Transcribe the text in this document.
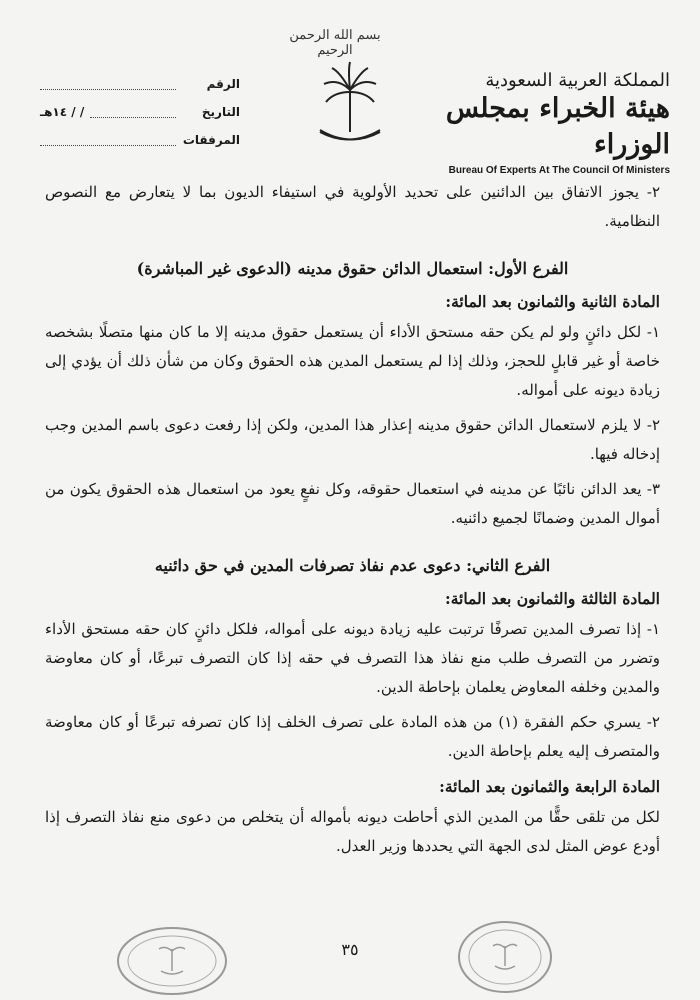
بسم الله الرحمن الرحيم
الرقم
التاريخ
/ / ١٤هـ
المرفقات
المملكة العربية السعودية
هيئة الخبراء بمجلس الوزراء
Bureau Of Experts At The Council Of Ministers
٢- يجوز الاتفاق بين الدائنين على تحديد الأولوية في استيفاء الديون بما لا يتعارض مع النصوص النظامية.
الفرع الأول: استعمال الدائن حقوق مدينه (الدعوى غير المباشرة)
المادة الثانية والثمانون بعد المائة:
١- لكل دائنٍ ولو لم يكن حقه مستحق الأداء أن يستعمل حقوق مدينه إلا ما كان منها متصلًا بشخصه خاصة أو غير قابلٍ للحجز، وذلك إذا لم يستعمل المدين هذه الحقوق وكان من شأن ذلك أن يؤدي إلى زيادة ديونه على أمواله.
٢- لا يلزم لاستعمال الدائن حقوق مدينه إعذار هذا المدين، ولكن إذا رفعت دعوى باسم المدين وجب إدخاله فيها.
٣- يعد الدائن نائبًا عن مدينه في استعمال حقوقه، وكل نفعٍ يعود من استعمال هذه الحقوق يكون من أموال المدين وضمانًا لجميع دائنيه.
الفرع الثاني: دعوى عدم نفاذ تصرفات المدين في حق دائنيه
المادة الثالثة والثمانون بعد المائة:
١- إذا تصرف المدين تصرفًا ترتبت عليه زيادة ديونه على أمواله، فلكل دائنٍ كان حقه مستحق الأداء وتضرر من التصرف طلب منع نفاذ هذا التصرف في حقه إذا كان التصرف تبرعًا، أو كان معاوضة والمدين وخلفه المعاوض يعلمان بإحاطة الدين.
٢- يسري حكم الفقرة (١) من هذه المادة على تصرف الخلف إذا كان تصرفه تبرعًا أو كان معاوضة والمتصرف إليه يعلم بإحاطة الدين.
المادة الرابعة والثمانون بعد المائة:
لكل من تلقى حقًّا من المدين الذي أحاطت ديونه بأمواله أن يتخلص من دعوى منع نفاذ التصرف إذا أودع عوض المثل لدى الجهة التي يحددها وزير العدل.
٣٥
